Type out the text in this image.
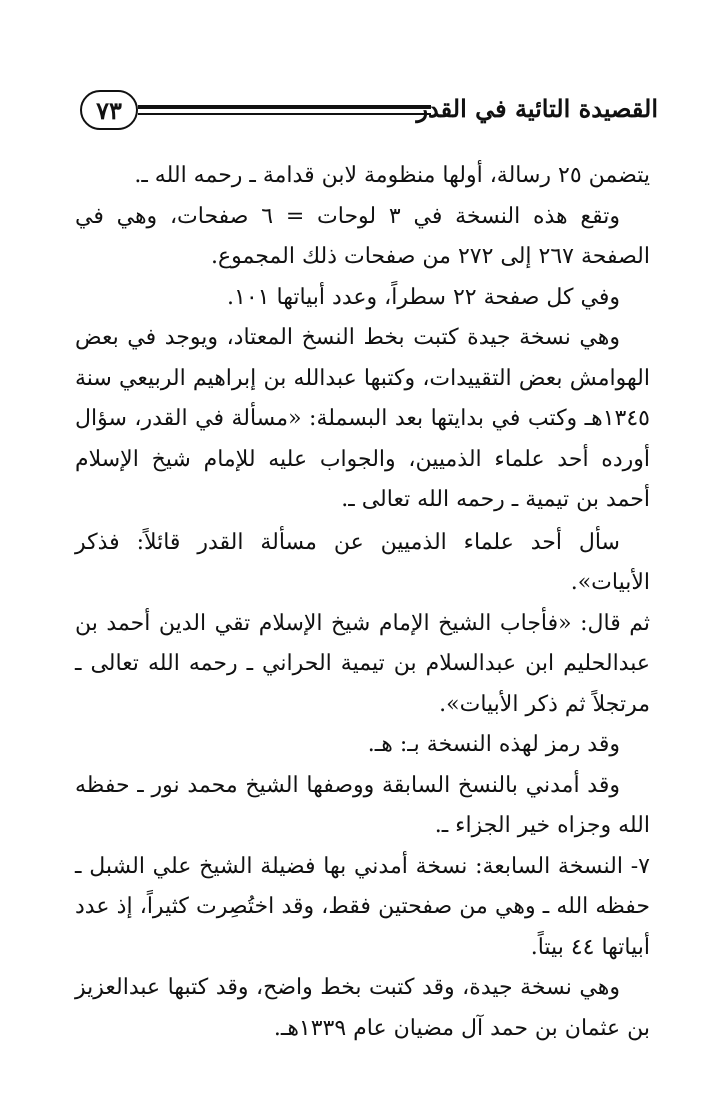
٧٣	القصيدة التائية في القدر

يتضمن ٢٥ رسالة، أولها منظومة لابن قدامة ـ رحمه الله ـ.

وتقع هذه النسخة في ٣ لوحات = ٦ صفحات، وهي في الصفحة ٢٦٧ إلى ٢٧٢ من صفحات ذلك المجموع.

وفي كل صفحة ٢٢ سطراً، وعدد أبياتها ١٠١.

وهي نسخة جيدة كتبت بخط النسخ المعتاد، ويوجد في بعض الهوامش بعض التقييدات، وكتبها عبدالله بن إبراهيم الربيعي سنة ١٣٤٥هـ وكتب في بدايتها بعد البسملة: «مسألة في القدر، سؤال أورده أحد علماء الذميين، والجواب عليه للإمام شيخ الإسلام أحمد بن تيمية ـ رحمه الله تعالى ـ.

سأل أحد علماء الذميين عن مسألة القدر قائلاً: فذكر الأبيات».

ثم قال: «فأجاب الشيخ الإمام شيخ الإسلام تقي الدين أحمد بن عبدالحليم ابن عبدالسلام بن تيمية الحراني ـ رحمه الله تعالى ـ مرتجلاً ثم ذكر الأبيات».

وقد رمز لهذه النسخة بـ: هـ.

وقد أمدني بالنسخ السابقة ووصفها الشيخ محمد نور ـ حفظه الله وجزاه خير الجزاء ـ.

٧- النسخة السابعة: نسخة أمدني بها فضيلة الشيخ علي الشبل ـ حفظه الله ـ وهي من صفحتين فقط، وقد اختُصِرت كثيراً، إذ عدد أبياتها ٤٤ بيتاً.

وهي نسخة جيدة، وقد كتبت بخط واضح، وقد كتبها عبدالعزيز بن عثمان بن حمد آل مضيان عام ١٣٣٩هـ.
